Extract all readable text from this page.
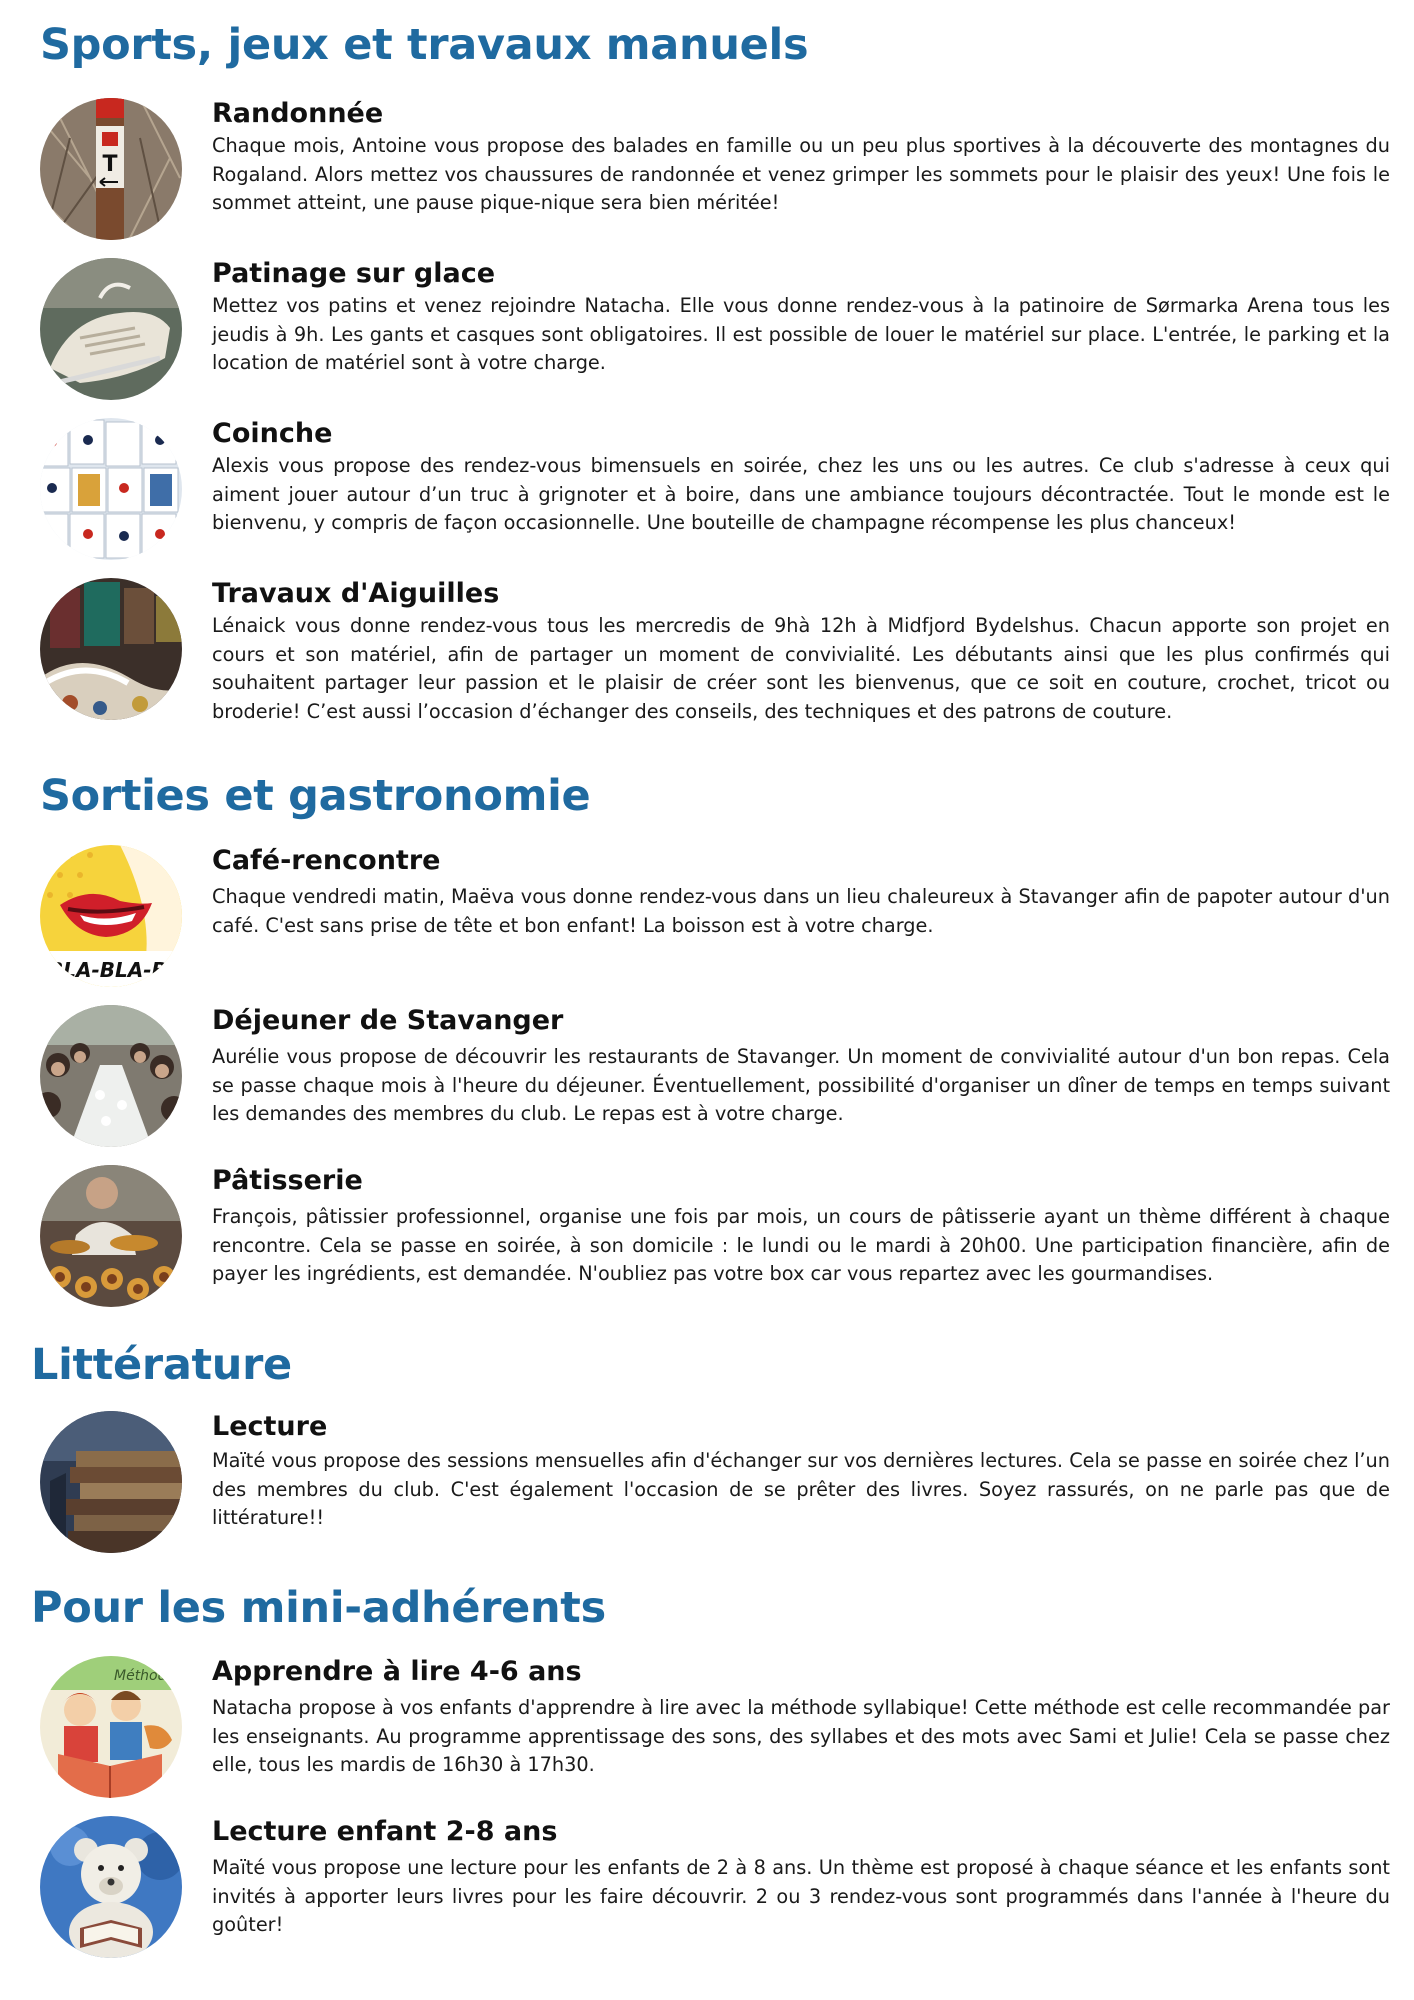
Sports, jeux et travaux manuels
T
Randonnée

Chaque mois, Antoine vous propose des balades en famille ou un peu plus sportives à la découverte des montagnes du Rogaland. Alors mettez vos chaussures de randonnée et venez grimper les sommets pour le plaisir des yeux! Une fois le sommet atteint, une pause pique-nique sera bien méritée!

Patinage sur glace

Mettez vos patins et venez rejoindre Natacha. Elle vous donne rendez-vous à la patinoire de Sørmarka Arena tous les jeudis à 9h. Les gants et casques sont obligatoires. Il est possible de louer le matériel sur place. L'entrée, le parking et la location de matériel sont à votre charge.

Coinche

Alexis vous propose des rendez-vous bimensuels en soirée, chez les uns ou les autres. Ce club s'adresse à ceux qui aiment jouer autour d’un truc à grignoter et à boire, dans une ambiance toujours décontractée. Tout le monde est le bienvenu, y compris de façon occasionnelle. Une bouteille de champagne récompense les plus chanceux!

Travaux d'Aiguilles

Lénaick vous donne rendez-vous tous les mercredis de 9hà 12h à Midfjord Bydelshus. Chacun apporte son projet en cours et son matériel, afin de partager un moment de convivialité. Les débutants ainsi que les plus confirmés qui souhaitent partager leur passion et le plaisir de créer sont les bienvenus, que ce soit en couture, crochet, tricot ou broderie! C’est aussi l’occasion d’échanger des conseils, des techniques et des patrons de couture.

Sorties et gastronomie
BLA-BLA-B
Café-rencontre

Chaque vendredi matin, Maëva vous donne rendez-vous dans un lieu chaleureux à Stavanger afin de papoter autour d'un café. C'est sans prise de tête et bon enfant! La boisson est à votre charge.

Déjeuner de Stavanger

Aurélie vous propose de découvrir les restaurants de Stavanger. Un moment de convivialité autour d'un bon repas. Cela se passe chaque mois à l'heure du déjeuner. Éventuellement, possibilité d'organiser un dîner de temps en temps suivant les demandes des membres du club. Le repas est à votre charge.

Pâtisserie

François, pâtissier professionnel, organise une fois par mois, un cours de pâtisserie ayant un thème différent à chaque rencontre. Cela se passe en soirée, à son domicile : le lundi ou le mardi à 20h00. Une participation financière, afin de payer les ingrédients, est demandée. N'oubliez pas votre box car vous repartez avec les gourmandises.

Littérature
Lecture

Maïté vous propose des sessions mensuelles afin d'échanger sur vos dernières lectures. Cela se passe en soirée chez l’un des membres du club. C'est également l'occasion de se prêter des livres. Soyez rassurés, on ne parle pas que de littérature!!

Pour les mini-adhérents
Méthode Apprendre à lire 4-6 ans

Natacha propose à vos enfants d'apprendre à lire avec la méthode syllabique! Cette méthode est celle recommandée par les enseignants. Au programme apprentissage des sons, des syllabes et des mots avec Sami et Julie! Cela se passe chez elle, tous les mardis de 16h30 à 17h30.

Lecture enfant 2-8 ans

Maïté vous propose une lecture pour les enfants de 2 à 8 ans. Un thème est proposé à chaque séance et les enfants sont invités à apporter leurs livres pour les faire découvrir. 2 ou 3 rendez-vous sont programmés dans l'année à l'heure du goûter!
